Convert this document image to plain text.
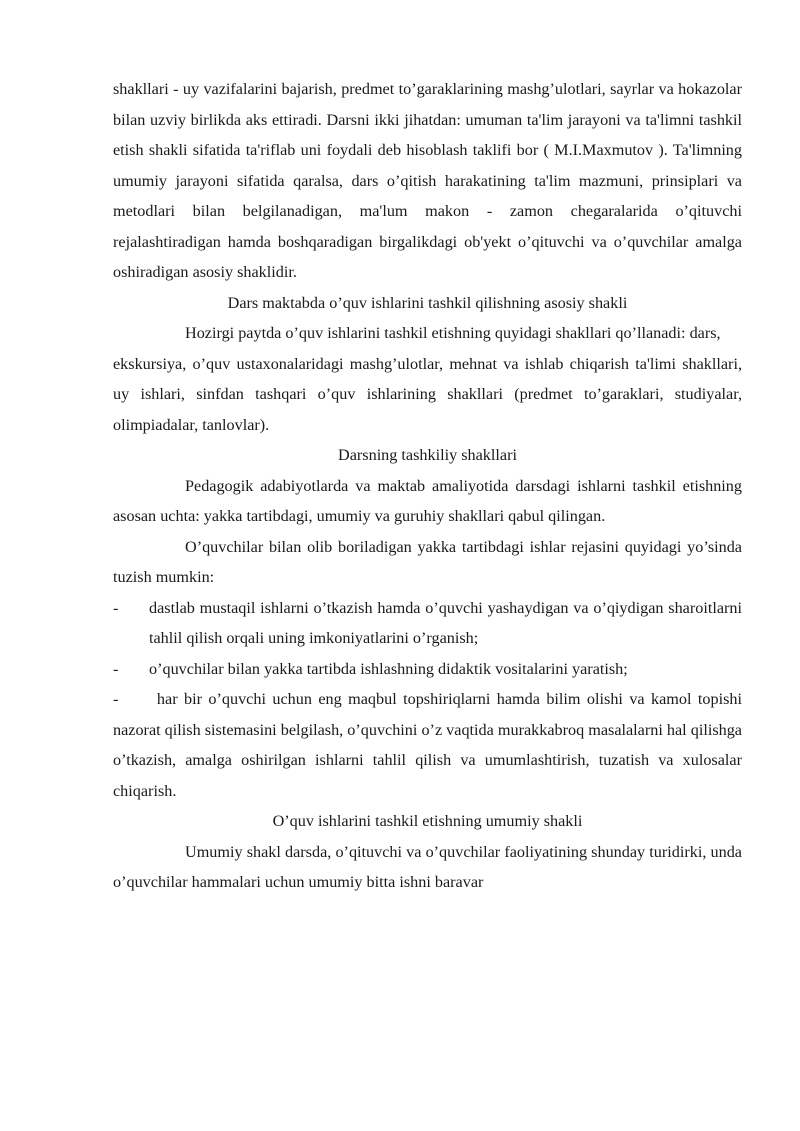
shakllari - uy vazifalarini bajarish, predmet to’garaklarining mashg’ulotlari, sayrlar va hokazolar bilan uzviy birlikda aks ettiradi. Darsni ikki jihatdan: umuman ta'lim jarayoni va ta'limni tashkil etish shakli sifatida ta'riflab uni foydali deb hisoblash taklifi bor ( M.I.Maxmutov ). Ta'limning umumiy jarayoni sifatida qaralsa, dars o’qitish harakatining ta'lim mazmuni, prinsiplari va metodlari bilan belgilanadigan, ma'lum makon - zamon chegaralarida o’qituvchi rejalashtiradigan hamda boshqaradigan birgalikdagi ob'yekt o’qituvchi va o’quvchilar amalga oshiradigan asosiy shaklidir.

Dars maktabda o’quv ishlarini tashkil qilishning asosiy shakli

Hozirgi paytda o’quv ishlarini tashkil etishning quyidagi shakllari qo’llanadi: dars,

ekskursiya, o’quv ustaxonalaridagi mashg’ulotlar, mehnat va ishlab chiqarish ta'limi shakllari, uy ishlari, sinfdan tashqari o’quv ishlarining shakllari (predmet to’garaklari, studiyalar, olimpiadalar, tanlovlar).

Darsning tashkiliy shakllari

Pedagogik adabiyotlarda va maktab amaliyotida darsdagi ishlarni tashkil etishning asosan uchta: yakka tartibdagi, umumiy va guruhiy shakllari qabul qilingan.

O’quvchilar bilan olib boriladigan yakka tartibdagi ishlar rejasini quyidagi yo’sinda tuzish mumkin:

- dastlab mustaqil ishlarni o’tkazish hamda o’quvchi yashaydigan va o’qiydigan sharoitlarni tahlil qilish orqali uning imkoniyatlarini o’rganish;
- o’quvchilar bilan yakka tartibda ishlashning didaktik vositalarini yaratish;

-      har bir o’quvchi uchun eng maqbul topshiriqlarni hamda bilim olishi va kamol topishi nazorat qilish sistemasini belgilash, o’quvchini o’z vaqtida murakkabroq masalalarni hal qilishga o’tkazish, amalga oshirilgan ishlarni tahlil qilish va umumlashtirish, tuzatish va xulosalar chiqarish.

O’quv ishlarini tashkil etishning umumiy shakli

Umumiy shakl darsda, o’qituvchi va o’quvchilar faoliyatining shunday turidirki, unda o’quvchilar hammalari uchun umumiy bitta ishni baravar
